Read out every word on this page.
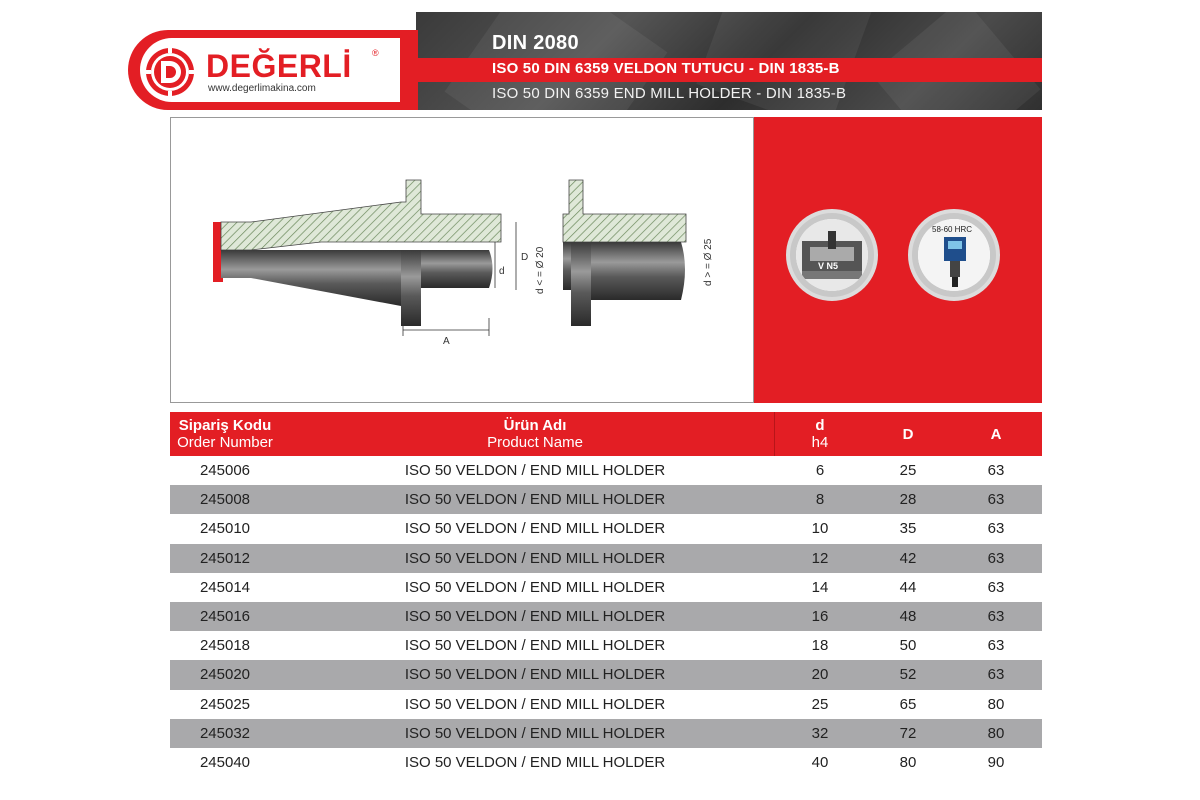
DIN 2080
ISO 50 DIN 6359 VELDON TUTUCU - DIN 1835-B
ISO 50 DIN 6359 END MILL HOLDER - DIN 1835-B
DEĞERLİ ®
www.degerlimakina.com
A
d
D d < = Ø 20	d > = Ø 25	V N5
58-60 HRC
Sipariş Kodu
Order Number
Ürün Adı
Product Name
d
h4	D	A
245006	ISO 50 VELDON / END MILL HOLDER	6	25	63
245008	ISO 50 VELDON / END MILL HOLDER	8	28	63
245010	ISO 50 VELDON / END MILL HOLDER	10	35	63
245012	ISO 50 VELDON / END MILL HOLDER	12	42	63
245014	ISO 50 VELDON / END MILL HOLDER	14	44	63
245016	ISO 50 VELDON / END MILL HOLDER	16	48	63
245018	ISO 50 VELDON / END MILL HOLDER	18	50	63
245020	ISO 50 VELDON / END MILL HOLDER	20	52	63
245025	ISO 50 VELDON / END MILL HOLDER	25	65	80
245032	ISO 50 VELDON / END MILL HOLDER	32	72	80
245040	ISO 50 VELDON / END MILL HOLDER	40	80	90
